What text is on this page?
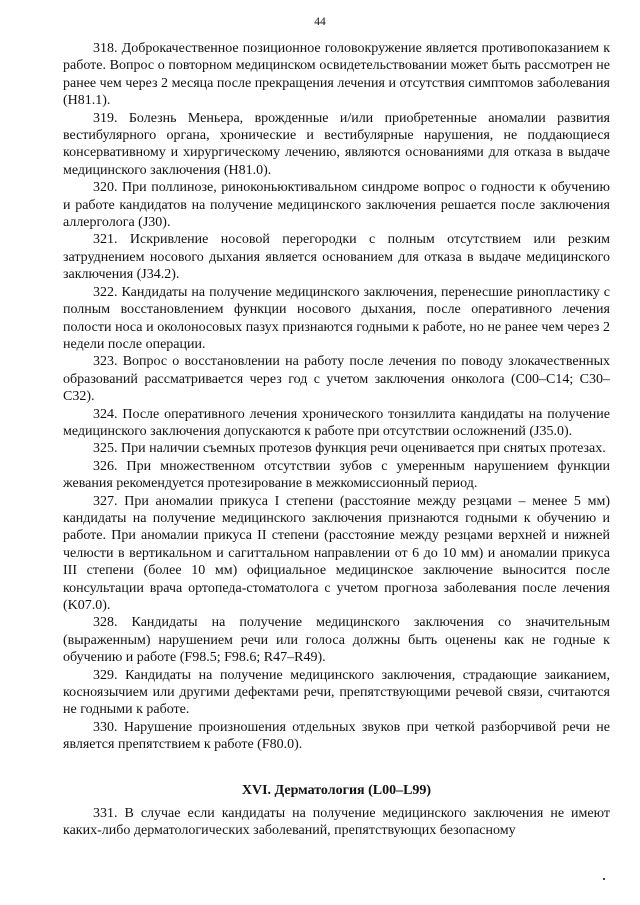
44

318. Доброкачественное позиционное головокружение является противопоказанием к работе. Вопрос о повторном медицинском освидетельствовании может быть рассмотрен не ранее чем через 2 месяца после прекращения лечения и отсутствия симптомов заболевания (H81.1).

319. Болезнь Меньера, врожденные и/или приобретенные аномалии развития вестибулярного органа, хронические и вестибулярные нарушения, не поддающиеся консервативному и хирургическому лечению, являются основаниями для отказа в выдаче медицинского заключения (H81.0).

320. При поллинозе, риноконьюктивальном синдроме вопрос о годности к обучению и работе кандидатов на получение медицинского заключения решается после заключения аллерголога (J30).

321. Искривление носовой перегородки с полным отсутствием или резким затруднением носового дыхания является основанием для отказа в выдаче медицинского заключения (J34.2).

322. Кандидаты на получение медицинского заключения, перенесшие ринопластику с полным восстановлением функции носового дыхания, после оперативного лечения полости носа и околоносовых пазух признаются годными к работе, но не ранее чем через 2 недели после операции.

323. Вопрос о восстановлении на работу после лечения по поводу злокачественных образований рассматривается через год с учетом заключения онколога (C00–C14; C30–C32).

324. После оперативного лечения хронического тонзиллита кандидаты на получение медицинского заключения допускаются к работе при отсутствии осложнений (J35.0).

325. При наличии съемных протезов функция речи оценивается при снятых протезах.

326. При множественном отсутствии зубов с умеренным нарушением функции жевания рекомендуется протезирование в межкомиссионный период.

327. При аномалии прикуса I степени (расстояние между резцами – менее 5 мм) кандидаты на получение медицинского заключения признаются годными к обучению и работе. При аномалии прикуса II степени (расстояние между резцами верхней и нижней челюсти в вертикальном и сагиттальном направлении от 6 до 10 мм) и аномалии прикуса III степени (более 10 мм) официальное медицинское заключение выносится после консультации врача ортопеда-стоматолога с учетом прогноза заболевания после лечения (K07.0).

328. Кандидаты на получение медицинского заключения со значительным (выраженным) нарушением речи или голоса должны быть оценены как не годные к обучению и работе (F98.5; F98.6; R47–R49).

329. Кандидаты на получение медицинского заключения, страдающие заиканием, косноязычием или другими дефектами речи, препятствующими речевой связи, считаются не годными к работе.

330. Нарушение произношения отдельных звуков при четкой разборчивой речи не является препятствием к работе (F80.0).

XVI. Дерматология (L00–L99)

331. В случае если кандидаты на получение медицинского заключения не имеют каких-либо дерматологических заболеваний, препятствующих безопасному
